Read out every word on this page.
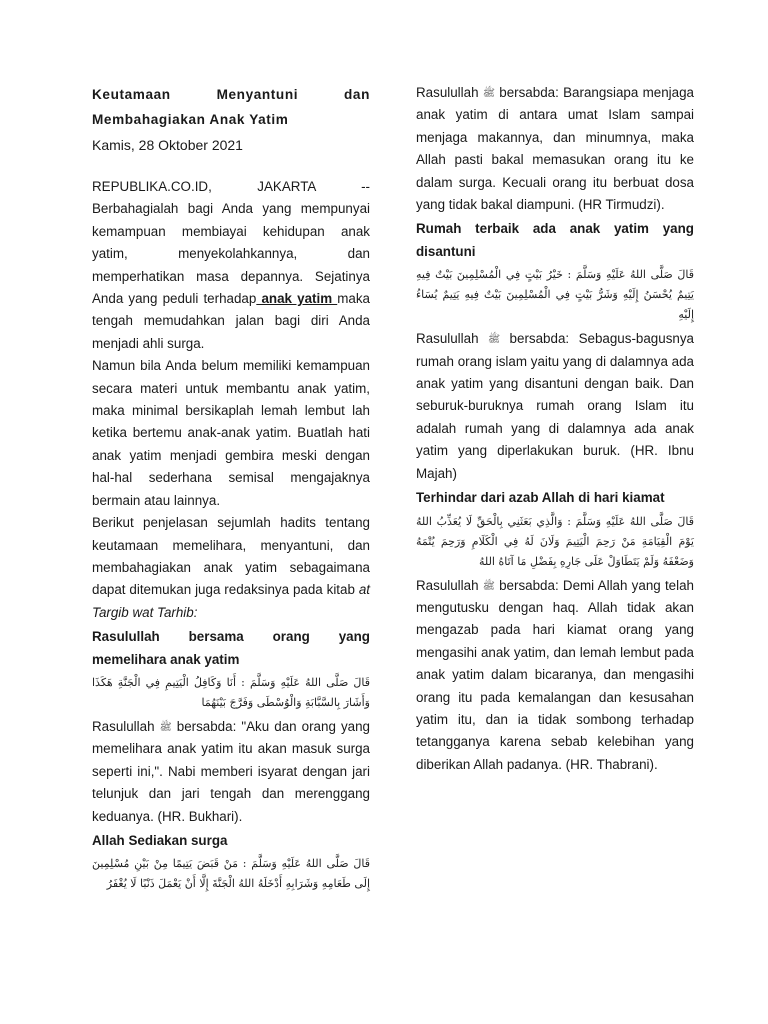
Keutamaan Menyantuni dan Membahagiakan Anak Yatim
Kamis, 28 Oktober 2021

REPUBLIKA.CO.ID, JAKARTA -- Berbahagialah bagi Anda yang mempunyai kemampuan membiayai kehidupan anak yatim, menyekolahkannya, dan memperhatikan masa depannya. Sejatinya Anda yang peduli terhadap anak yatim maka tengah memudahkan jalan bagi diri Anda menjadi ahli surga.

Namun bila Anda belum memiliki kemampuan secara materi untuk membantu anak yatim, maka minimal bersikaplah lemah lembut lah ketika bertemu anak-anak yatim. Buatlah hati anak yatim menjadi gembira meski dengan hal-hal sederhana semisal mengajaknya bermain atau lainnya.

Berikut penjelasan sejumlah hadits tentang keutamaan memelihara, menyantuni, dan membahagiakan anak yatim sebagaimana dapat ditemukan juga redaksinya pada kitab at Targib wat Tarhib:

Rasulullah bersama orang yang memelihara anak yatim

قَالَ صَلَّى اللهُ عَلَيْهِ وَسَلَّمَ : أَنَا وَكَافِلُ الْيَتِيمِ فِي الْجَنَّةِ هَكَذَا وَأَشَارَ بِالسَّبَّابَةِ وَالْوُسْطَى وَفَرَّجَ بَيْنَهُمَا

Rasulullah ﷺ bersabda: "Aku dan orang yang memelihara anak yatim itu akan masuk surga seperti ini,". Nabi memberi isyarat dengan jari telunjuk dan jari tengah dan merenggang keduanya. (HR. Bukhari).

Allah Sediakan surga

قَالَ صَلَّى اللهُ عَلَيْهِ وَسَلَّمَ : مَنْ قَبَضَ يَتِيمًا مِنْ بَيْنِ مُسْلِمِينَ إِلَى طَعَامِهِ وَشَرَابِهِ أَدْخَلَهُ اللهُ الْجَنَّةَ إِلَّا أَنْ يَعْمَلَ ذَنْبًا لَا يُغْفَرُ

Rasulullah ﷺ bersabda: Barangsiapa menjaga anak yatim di antara umat Islam sampai menjaga makannya, dan minumnya, maka Allah pasti bakal memasukan orang itu ke dalam surga. Kecuali orang itu berbuat dosa yang tidak bakal diampuni. (HR Tirmudzi).

Rumah terbaik ada anak yatim yang disantuni

قَالَ صَلَّى اللهُ عَلَيْهِ وَسَلَّمَ : خَيْرُ بَيْتٍ فِي الْمُسْلِمِينَ بَيْتٌ فِيهِ يَتِيمٌ يُحْسَنُ إِلَيْهِ وَشَرُّ بَيْتٍ فِي الْمُسْلِمِينَ بَيْتٌ فِيهِ يَتِيمٌ يُسَاءُ إِلَيْهِ

Rasulullah ﷺ bersabda: Sebagus-bagusnya rumah orang islam yaitu yang di dalamnya ada anak yatim yang disantuni dengan baik. Dan seburuk-buruknya rumah orang Islam itu adalah rumah yang di dalamnya ada anak yatim yang diperlakukan buruk. (HR. Ibnu Majah)

Terhindar dari azab Allah di hari kiamat

قَالَ صَلَّى اللهُ عَلَيْهِ وَسَلَّمَ : وَالَّذِي بَعَثَنِي بِالْحَقِّ لَا يُعَذِّبُ اللهُ يَوْمَ الْقِيَامَةِ مَنْ رَحِمَ الْيَتِيمَ وَلَانَ لَهُ فِي الْكَلَامِ وَرَحِمَ يُتْمَهُ وَضَعْفَهُ وَلَمْ يَتَطَاوَلْ عَلَى جَارِهِ بِفَضْلِ مَا آتَاهُ اللهُ

Rasulullah ﷺ bersabda: Demi Allah yang telah mengutusku dengan haq. Allah tidak akan mengazab pada hari kiamat orang yang mengasihi anak yatim, dan lemah lembut pada anak yatim dalam bicaranya, dan mengasihi orang itu pada kemalangan dan kesusahan yatim itu, dan ia tidak sombong terhadap tetangganya karena sebab kelebihan yang diberikan Allah padanya. (HR. Thabrani).
